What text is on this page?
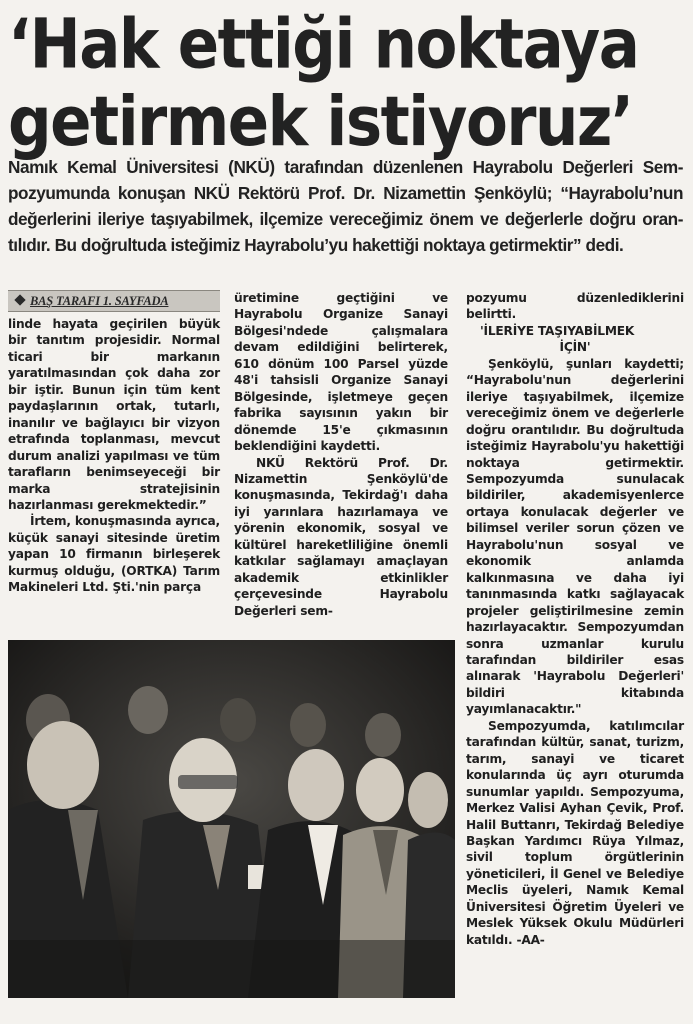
‘Hak ettiği noktaya
getirmek istiyoruz’
Namık Kemal Üniversitesi (NKÜ) tarafından düzenlenen Hayrabolu Değerleri Sem- pozyumunda konuşan NKÜ Rektörü Prof. Dr. Nizamettin Şenköylü; “Hayrabolu’nun değerlerini ileriye taşıyabilmek, ilçemize vereceğimiz önem ve değerlerle doğru oran- tılıdır. Bu doğrultuda isteğimiz Hayrabolu’yu hakettiği noktaya getirmektir” dedi.
BAŞ TARAFI 1. SAYFADA

linde hayata geçirilen büyük bir tanıtım projesidir. Normal ticari bir markanın yaratılmasından çok daha zor bir iştir. Bunun için tüm kent paydaşlarının ortak, tutarlı, inanılır ve bağlayıcı bir vizyon etrafında toplanması, mevcut durum analizi yapılması ve tüm tarafların benimseyeceği bir marka stratejisinin hazırlanması gerekmektedir.”

İrtem, konuşmasında ayrıca, küçük sanayi sitesinde üretim yapan 10 firmanın birleşerek kurmuş olduğu, (ORTKA) Tarım Makineleri Ltd. Şti.'nin parça

üretimine geçtiğini ve Hayrabolu Organize Sanayi Bölgesi'ndede çalışmalara devam edildiğini belirterek, 610 dönüm 100 Parsel yüzde 48'i tahsisli Organize Sanayi Bölgesinde, işletmeye geçen fabrika sayısının yakın bir dönemde 15'e çıkmasının beklendiğini kaydetti.

NKÜ Rektörü Prof. Dr. Nizamettin Şenköylü'de konuşmasında, Tekirdağ'ı daha iyi yarınlara hazırlamaya ve yörenin ekonomik, sosyal ve kültürel hareketliliğine önemli katkılar sağlamayı amaçlayan akademik etkinlikler çerçevesinde Hayrabolu Değerleri sem-

pozyumu düzenlediklerini belirtti.

'İLERİYE TAŞIYABİLMEK

İÇİN'

Şenköylü, şunları kaydetti; “Hayrabolu'nun değerlerini ileriye taşıyabilmek, ilçemize vereceğimiz önem ve değerlerle doğru orantılıdır. Bu doğrultuda isteğimiz Hayrabolu'yu hakettiği noktaya getirmektir. Sempozyumda sunulacak bildiriler, akademisyenlerce ortaya konulacak değerler ve bilimsel veriler sorun çözen ve Hayrabolu'nun sosyal ve ekonomik anlamda kalkınmasına ve daha iyi tanınmasında katkı sağlayacak projeler geliştirilmesine zemin hazırlayacaktır. Sempozyumdan sonra uzmanlar kurulu tarafından bildiriler esas alınarak 'Hayrabolu Değerleri' bildiri kitabında yayımlanacaktır."

Sempozyumda, katılımcılar tarafından kültür, sanat, turizm, tarım, sanayi ve ticaret konularında üç ayrı oturumda sunumlar yapıldı. Sempozyuma, Merkez Valisi Ayhan Çevik, Prof. Halil Buttanrı, Tekirdağ Belediye Başkan Yardımcı Rüya Yılmaz, sivil toplum örgütlerinin yöneticileri, İl Genel ve Belediye Meclis üyeleri, Namık Kemal Üniversitesi Öğretim Üyeleri ve Meslek Yüksek Okulu Müdürleri katıldı. -AA-
